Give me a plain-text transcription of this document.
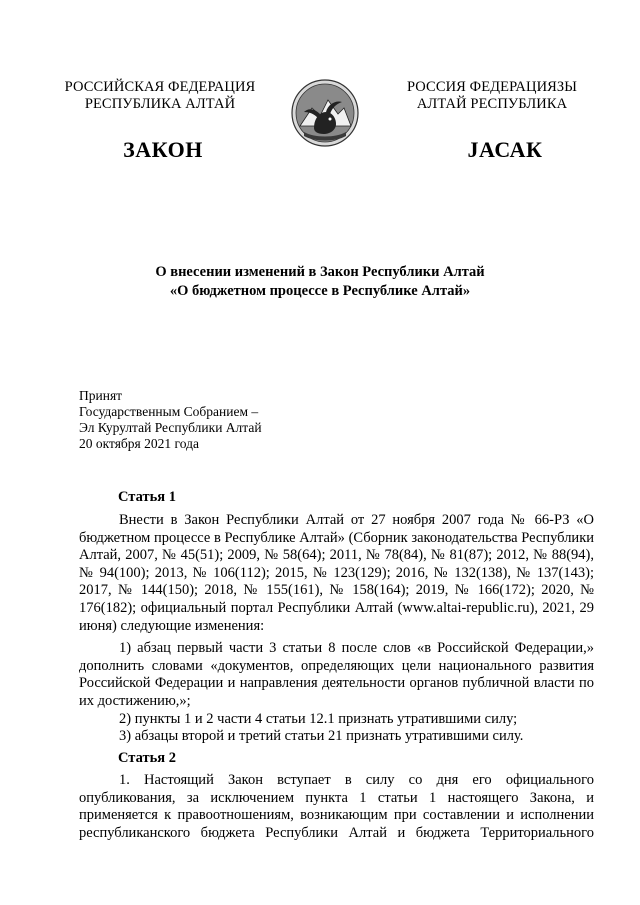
РОССИЙСКАЯ ФЕДЕРАЦИЯ
РЕСПУБЛИКА АЛТАЙ
РОССИЯ ФЕДЕРАЦИЯЗЫ
АЛТАЙ РЕСПУБЛИКА
ЗАКОН	ЈАСАК
О внесении изменений в Закон Республики Алтай
«О бюджетном процессе в Республике Алтай»
Принят
Государственным Собранием –
Эл Курултай Республики Алтай
20 октября 2021 года
Статья 1
Внести в Закон Республики Алтай от 27 ноября 2007 года № 66-РЗ «О бюджетном процессе в Республике Алтай» (Сборник законодательства Республики Алтай, 2007, № 45(51); 2009, № 58(64); 2011, № 78(84), № 81(87); 2012, № 88(94), № 94(100); 2013, № 106(112); 2015, № 123(129); 2016, № 132(138), № 137(143); 2017, № 144(150); 2018, № 155(161), № 158(164); 2019, № 166(172); 2020, № 176(182); официальный портал Республики Алтай (www.altai-republic.ru), 2021, 29 июня) следующие изменения:
1) абзац первый части 3 статьи 8 после слов «в Российской Федерации,» дополнить словами «документов, определяющих цели национального развития Российской Федерации и направления деятельности органов публичной власти по их достижению,»;
2) пункты 1 и 2 части 4 статьи 12.1 признать утратившими силу;
3) абзацы второй и третий статьи 21 признать утратившими силу.
Статья 2
1. Настоящий Закон вступает в силу со дня его официального опубликования, за исключением пункта 1 статьи 1 настоящего Закона, и применяется к правоотношениям, возникающим при составлении и исполнении республиканского бюджета Республики Алтай и бюджета Территориального
